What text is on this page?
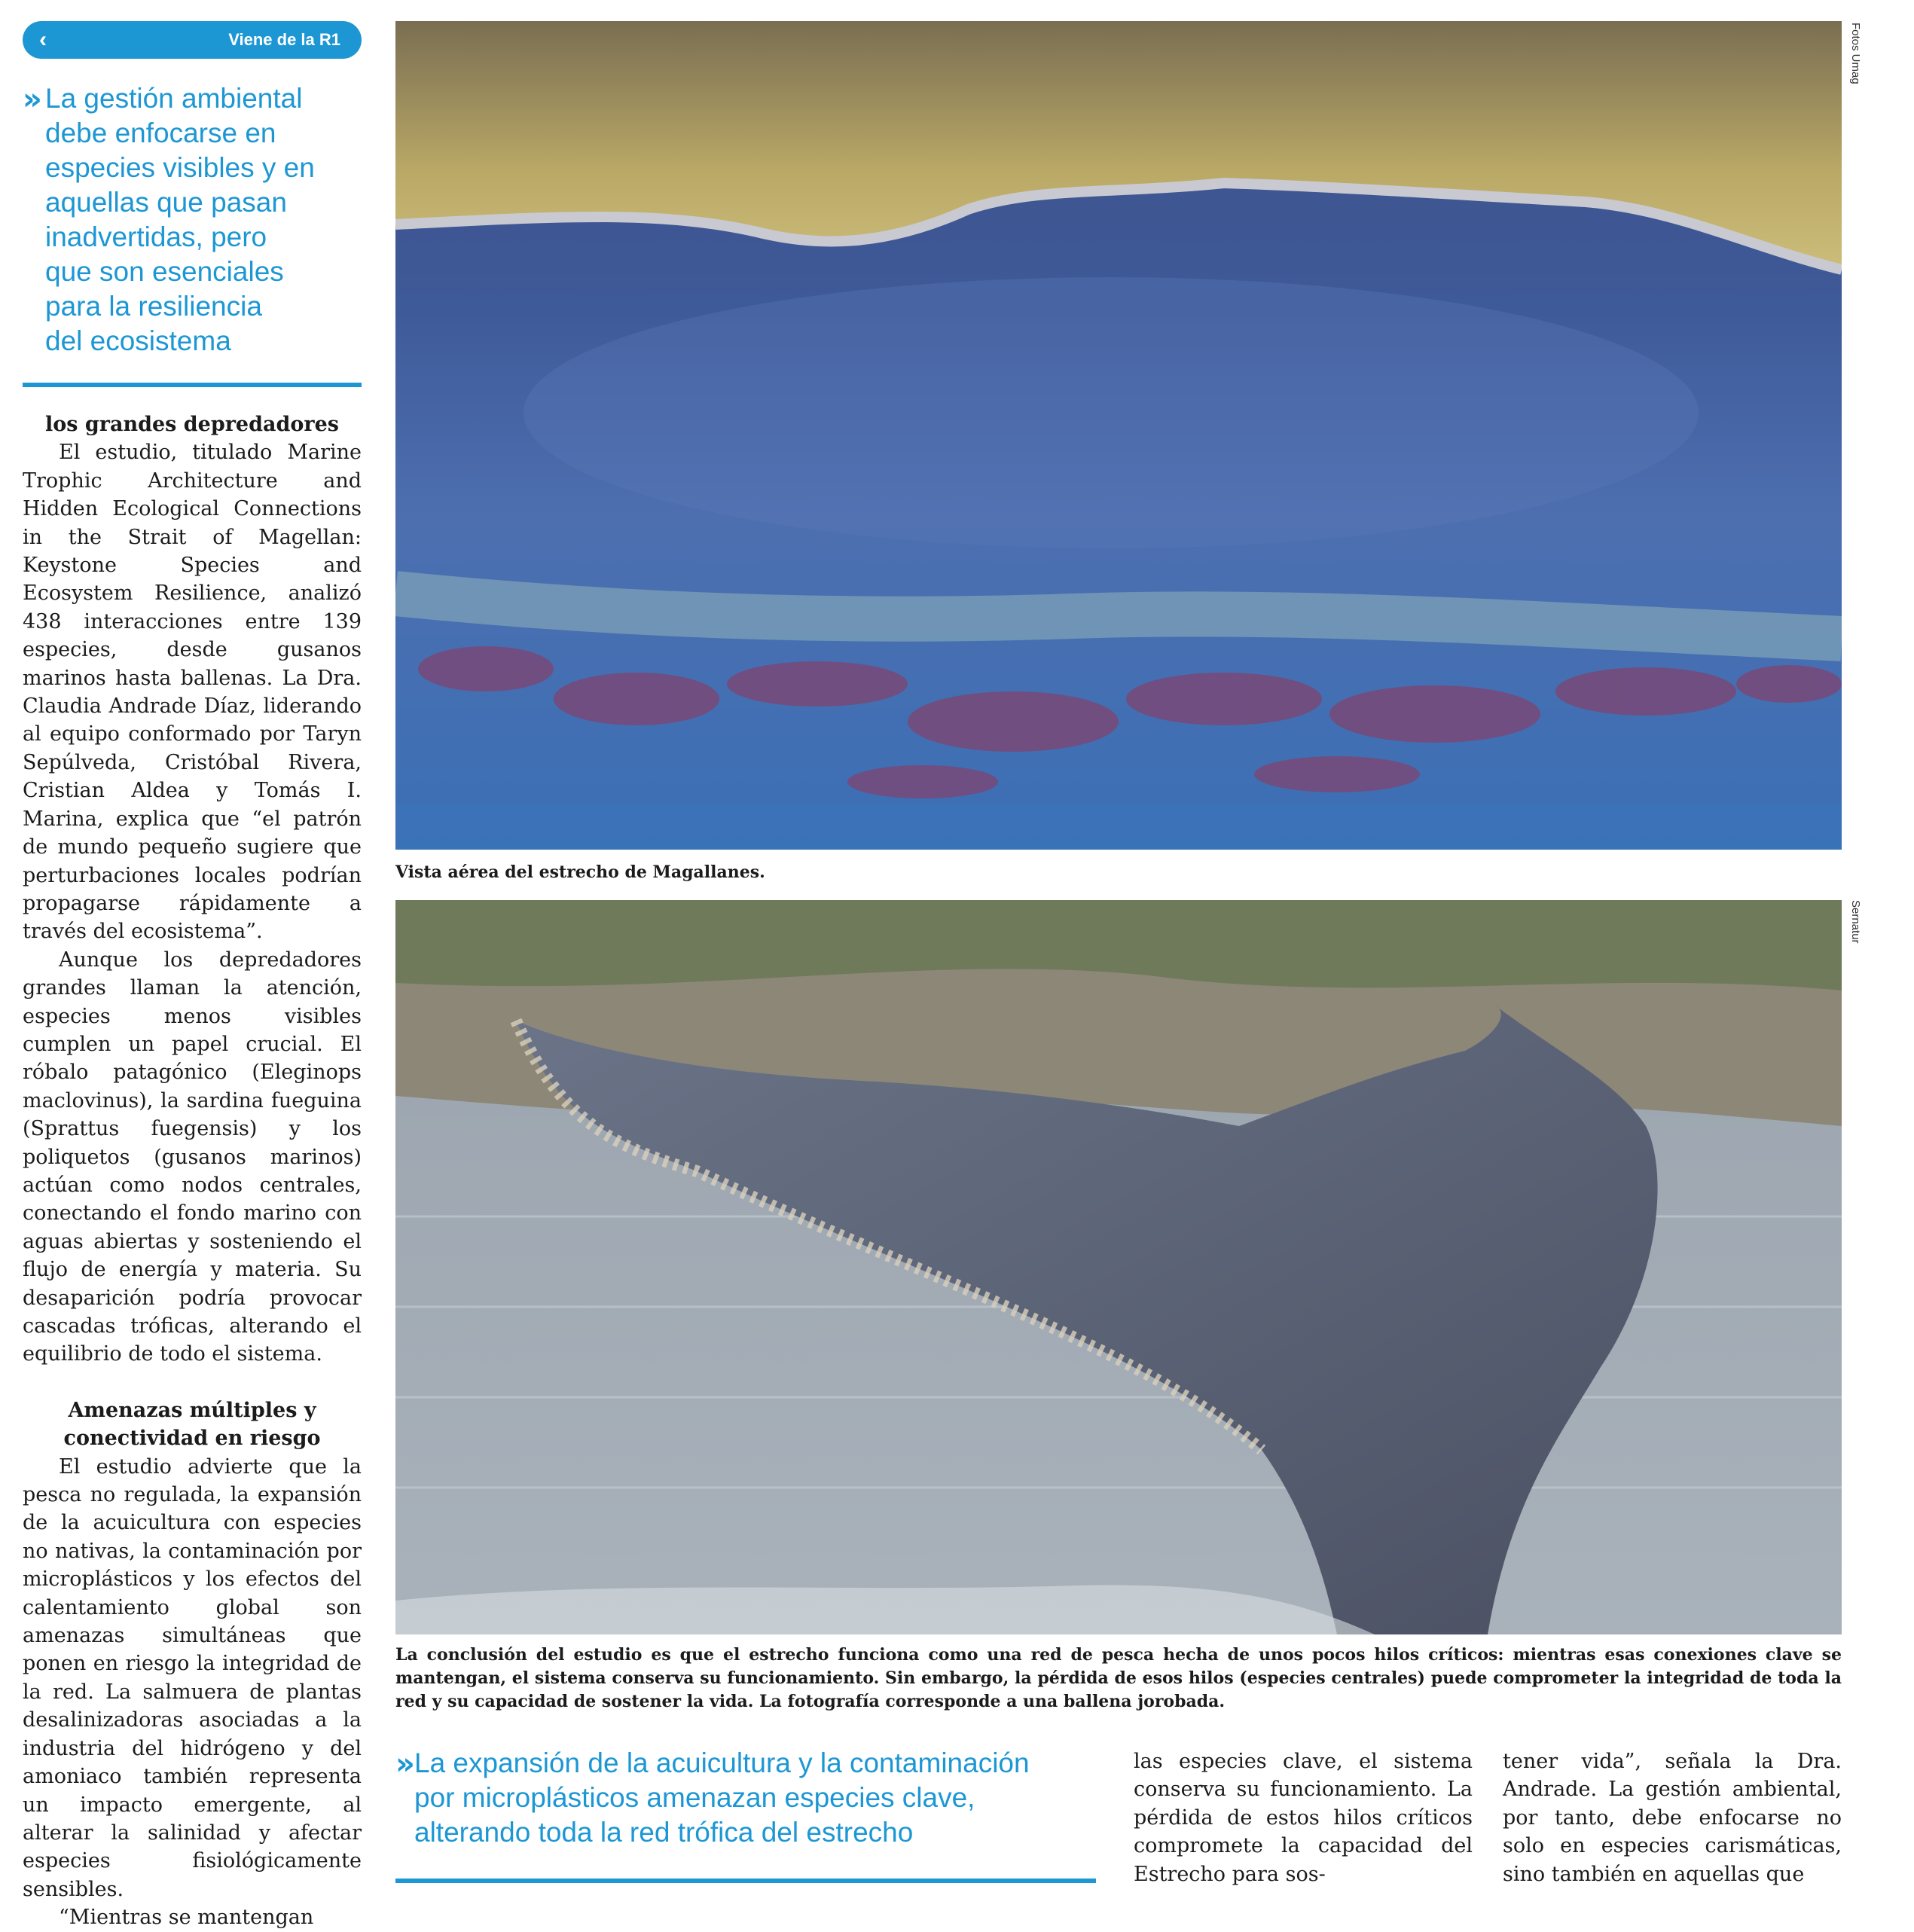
‹	Viene de la R1
» La gestión ambiental

debe enfocarse en

especies visibles y en

aquellas que pasan

inadvertidas, pero

que son esenciales

para la resiliencia

del ecosistema

los grandes depredadores

El estudio, titulado Marine Trophic Architecture and Hidden Ecological Connections in the Strait of Magellan: Keystone Species and Ecosystem Resilience, analizó 438 interacciones entre 139 especies, desde gusanos marinos hasta ballenas. La Dra. Claudia Andrade Díaz, liderando al equipo conformado por Taryn Sepúlveda, Cristóbal Rivera, Cristian Aldea y Tomás I. Marina, explica que “el patrón de mundo pequeño sugiere que perturbaciones locales podrían propagarse rápidamente a través del ecosistema”.

Aunque los depredadores grandes llaman la atención, especies menos visibles cumplen un papel crucial. El róbalo patagónico (Eleginops maclovinus), la sardina fueguina (Sprattus fuegensis) y los poliquetos (gusanos marinos) actúan como nodos centrales, conectando el fondo marino con aguas abiertas y sosteniendo el flujo de energía y materia. Su desaparición podría provocar cascadas tróficas, alterando el equilibrio de todo el sistema.

Amenazas múltiples y

conectividad en riesgo

El estudio advierte que la pesca no regulada, la expansión de la acuicultura con especies no nativas, la contaminación por microplásticos y los efectos del calentamiento global son amenazas simultáneas que ponen en riesgo la integridad de la red. La salmuera de plantas desalinizadoras asociadas a la industria del hidrógeno y del amoniaco también representa un impacto emergente, al alterar la salinidad y afectar especies fisiológicamente sensibles.

“Mientras se mantengan

Fotos Umag
Vista aérea del estrecho de Magallanes.
Sernatur
La conclusión del estudio es que el estrecho funciona como una red de pesca hecha de unos pocos hilos críticos: mientras esas conexiones clave se mantengan, el sistema conserva su funcionamiento. Sin embargo, la pérdida de esos hilos (especies centrales) puede comprometer la integridad de toda la red y su capacidad de sostener la vida. La fotografía corresponde a una ballena jorobada.
» La expansión de la acuicultura y la contaminación

por microplásticos amenazan especies clave,

alterando toda la red trófica del estrecho

las especies clave, el sistema conserva su funcionamiento. La pérdida de estos hilos críticos compromete la capacidad del Estrecho para sos-

tener vida”, señala la Dra. Andrade. La gestión ambiental, por tanto, debe enfocarse no solo en especies carismáticas, sino también en aquellas que
